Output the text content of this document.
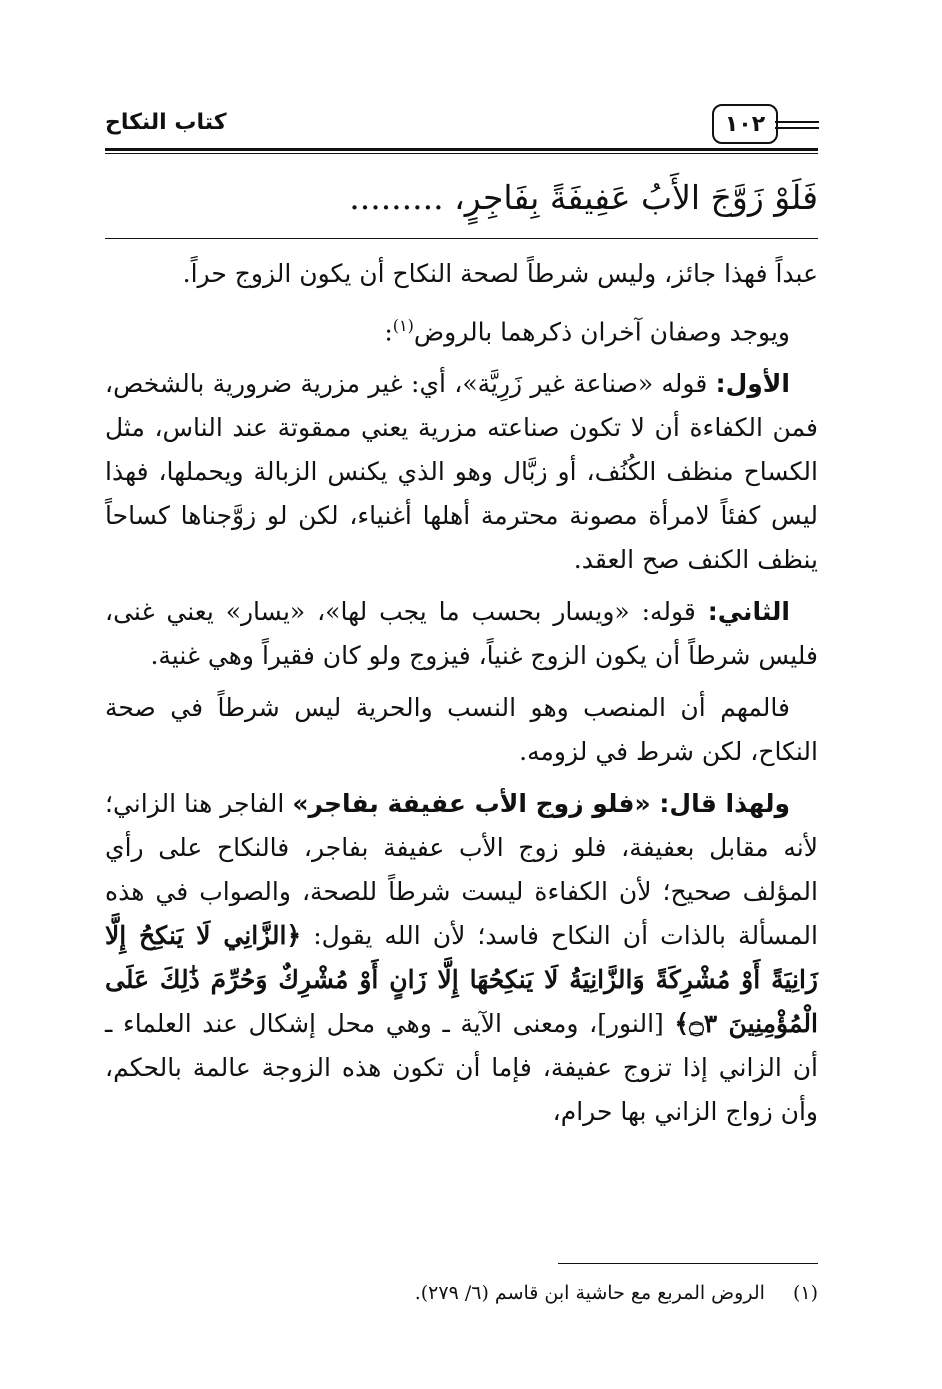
كتاب النكاح	١٠٢
فَلَوْ زَوَّجَ الأَبُ عَفِيفَةً بِفَاجِرٍ، .........

عبداً فهذا جائز، وليس شرطاً لصحة النكاح أن يكون الزوج حراً.

ويوجد وصفان آخران ذكرهما بالروض$^{(١)}$:

الأول: قوله «صناعة غير زَرِيَّة»، أي: غير مزرية ضرورية بالشخص، فمن الكفاءة أن لا تكون صناعته مزرية يعني ممقوتة عند الناس، مثل الكساح منظف الكُنُف، أو زبَّال وهو الذي يكنس الزبالة ويحملها، فهذا ليس كفئاً لامرأة مصونة محترمة أهلها أغنياء، لكن لو زوَّجناها كساحاً ينظف الكنف صح العقد.

الثاني: قوله: «ويسار بحسب ما يجب لها»، «يسار» يعني غنى، فليس شرطاً أن يكون الزوج غنياً، فيزوج ولو كان فقيراً وهي غنية.

فالمهم أن المنصب وهو النسب والحرية ليس شرطاً في صحة النكاح، لكن شرط في لزومه.

ولهذا قال: «فلو زوج الأب عفيفة بفاجر» الفاجر هنا الزاني؛ لأنه مقابل بعفيفة، فلو زوج الأب عفيفة بفاجر، فالنكاح على رأي المؤلف صحيح؛ لأن الكفاءة ليست شرطاً للصحة، والصواب في هذه المسألة بالذات أن النكاح فاسد؛ لأن الله يقول: ﴿الزَّانِي لَا يَنكِحُ إِلَّا زَانِيَةً أَوْ مُشْرِكَةً وَالزَّانِيَةُ لَا يَنكِحُهَا إِلَّا زَانٍ أَوْ مُشْرِكٌ وَحُرِّمَ ذَٰلِكَ عَلَى الْمُؤْمِنِينَ ۝٣﴾ [النور]، ومعنى الآية ـ وهي محل إشكال عند العلماء ـ أن الزاني إذا تزوج عفيفة، فإما أن تكون هذه الزوجة عالمة بالحكم، وأن زواج الزاني بها حرام،

(١) الروض المربع مع حاشية ابن قاسم (٦/ ٢٧٩).
